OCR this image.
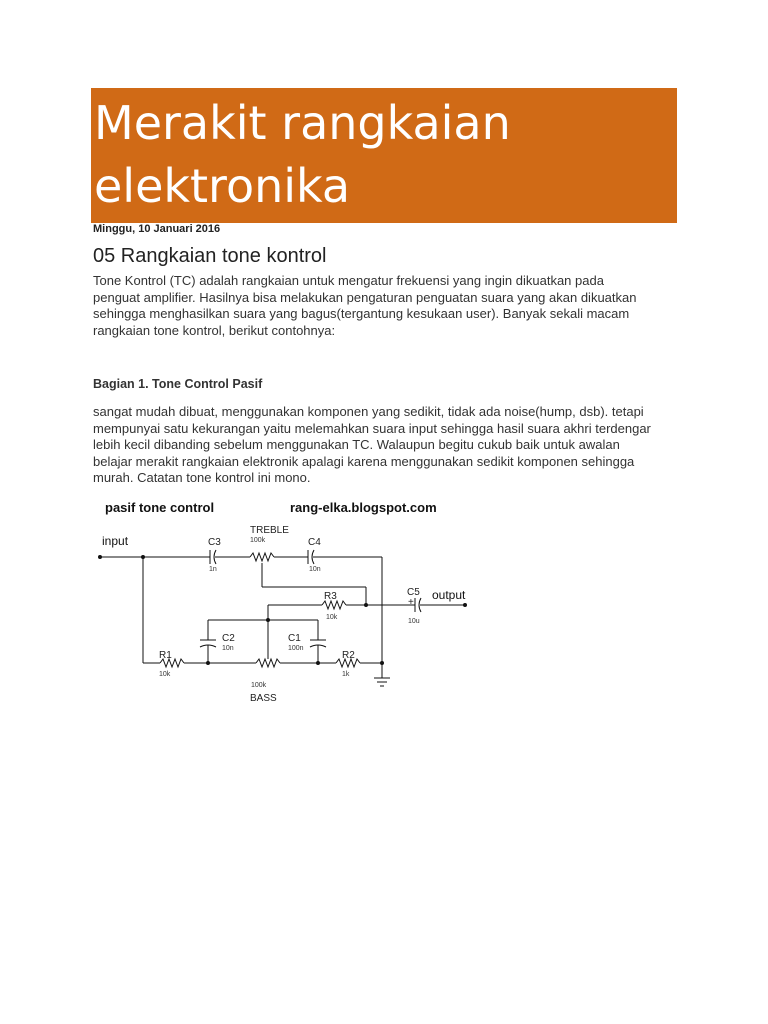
Merakit rangkaian
elektronika
Minggu, 10 Januari 2016
05 Rangkaian tone kontrol

Tone Kontrol (TC) adalah rangkaian untuk mengatur frekuensi yang ingin dikuatkan pada penguat amplifier. Hasilnya bisa melakukan pengaturan penguatan suara yang akan dikuatkan sehingga menghasilkan suara yang bagus(tergantung kesukaan user). Banyak sekali macam rangkaian tone kontrol, berikut contohnya:

Bagian 1. Tone Control Pasif

sangat mudah dibuat, menggunakan komponen yang sedikit, tidak ada noise(hump, dsb). tetapi mempunyai satu kekurangan yaitu melemahkan suara input sehingga hasil suara akhri terdengar lebih kecil dibanding sebelum menggunakan TC. Walaupun begitu cukub baik untuk awalan belajar merakit rangkaian elektronik apalagi karena menggunakan sedikit komponen sehingga murah. Catatan tone kontrol ini mono.

pasif tone control	rang-elka.blogspot.com
input
output
TREBLE
BASS
C3
1n
100k	C4
10n
C5
+
10u
R3
10k
C2
10n
C1
100n
R1
10k
R2
1k
100k
